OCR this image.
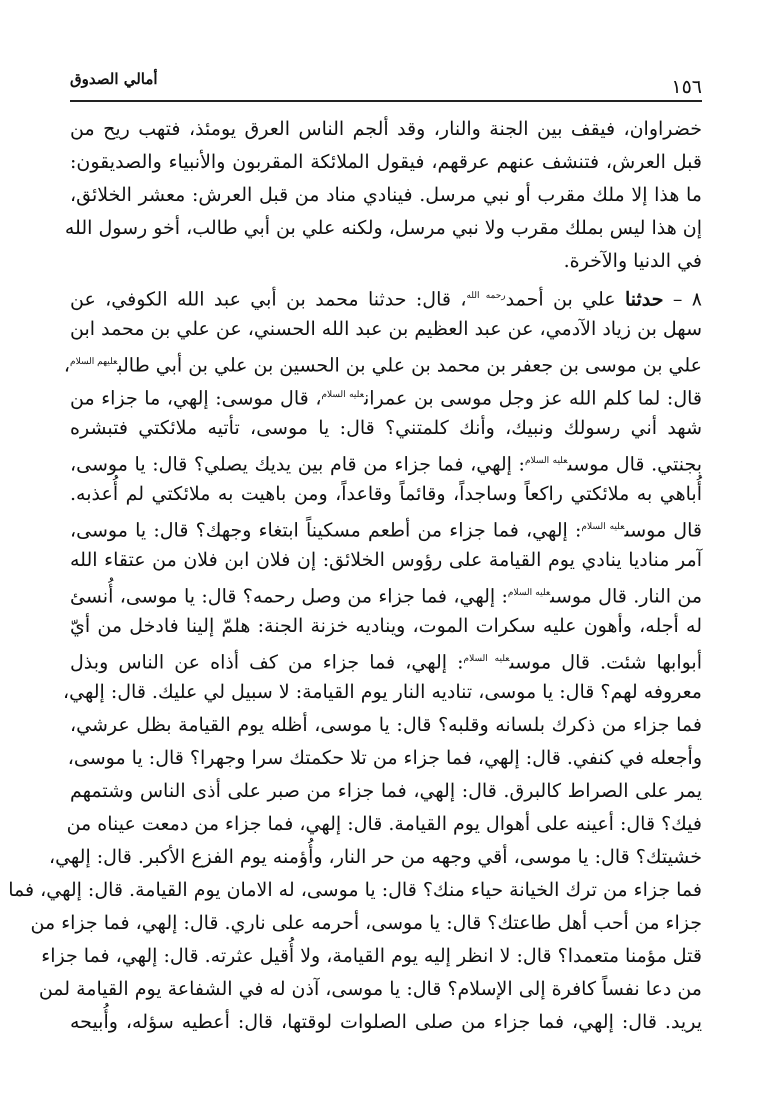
١٥٦
أمالي الصدوق
خضراوان، فيقف بين الجنة والنار، وقد ألجم الناس العرق يومئذ، فتهب ريح من
قبل العرش، فتنشف عنهم عرقهم، فيقول الملائكة المقربون والأنبياء والصديقون:
ما هذا إلا ملك مقرب أو نبي مرسل. فينادي مناد من قبل العرش: معشر الخلائق،
إن هذا ليس بملك مقرب ولا نبي مرسل، ولكنه علي بن أبي طالب، أخو رسول الله
في الدنيا والآخرة.
٨ – حدثنا علي بن أحمد$^{رحمه الله}$، قال: حدثنا محمد بن أبي عبد الله الكوفي، عن
سهل بن زياد الآدمي، عن عبد العظيم بن عبد الله الحسني، عن علي بن محمد ابن
علي بن موسى بن جعفر بن محمد بن علي بن الحسين بن علي بن أبي طالب$^{عليهم السلام}$،
قال: لما كلم الله عز وجل موسى بن عمران$^{عليه السلام}$، قال موسى: إلهي، ما جزاء من
شهد أني رسولك ونبيك، وأنك كلمتني؟ قال: يا موسى، تأتيه ملائكتي فتبشره
بجنتي. قال موسى$^{عليه السلام}$: إلهي، فما جزاء من قام بين يديك يصلي؟ قال: يا موسى،
أُباهي به ملائكتي راكعاً وساجداً، وقائماً وقاعداً، ومن باهيت به ملائكتي لم أُعذبه.
قال موسى$^{عليه السلام}$: إلهي، فما جزاء من أطعم مسكيناً ابتغاء وجهك؟ قال: يا موسى،
آمر مناديا ينادي يوم القيامة على رؤوس الخلائق: إن فلان ابن فلان من عتقاء الله
من النار. قال موسى$^{عليه السلام}$: إلهي، فما جزاء من وصل رحمه؟ قال: يا موسى، أُنسئ
له أجله، وأهون عليه سكرات الموت، ويناديه خزنة الجنة: هلمّ إلينا فادخل من أيّ
أبوابها شئت. قال موسى$^{عليه السلام}$: إلهي، فما جزاء من كف أذاه عن الناس وبذل
معروفه لهم؟ قال: يا موسى، تناديه النار يوم القيامة: لا سبيل لي عليك. قال: إلهي،
فما جزاء من ذكرك بلسانه وقلبه؟ قال: يا موسى، أظله يوم القيامة بظل عرشي،
وأجعله في كنفي. قال: إلهي، فما جزاء من تلا حكمتك سرا وجهرا؟ قال: يا موسى،
يمر على الصراط كالبرق. قال: إلهي، فما جزاء من صبر على أذى الناس وشتمهم
فيك؟ قال: أعينه على أهوال يوم القيامة. قال: إلهي، فما جزاء من دمعت عيناه من
خشيتك؟ قال: يا موسى، أقي وجهه من حر النار، وأُؤمنه يوم الفزع الأكبر. قال: إلهي،
فما جزاء من ترك الخيانة حياء منك؟ قال: يا موسى، له الامان يوم القيامة. قال: إلهي، فما
جزاء من أحب أهل طاعتك؟ قال: يا موسى، أحرمه على ناري. قال: إلهي، فما جزاء من
قتل مؤمنا متعمدا؟ قال: لا انظر إليه يوم القيامة، ولا أُقيل عثرته. قال: إلهي، فما جزاء
من دعا نفساً كافرة إلى الإسلام؟ قال: يا موسى، آذن له في الشفاعة يوم القيامة لمن
يريد. قال: إلهي، فما جزاء من صلى الصلوات لوقتها، قال: أعطيه سؤله، وأُبيحه
